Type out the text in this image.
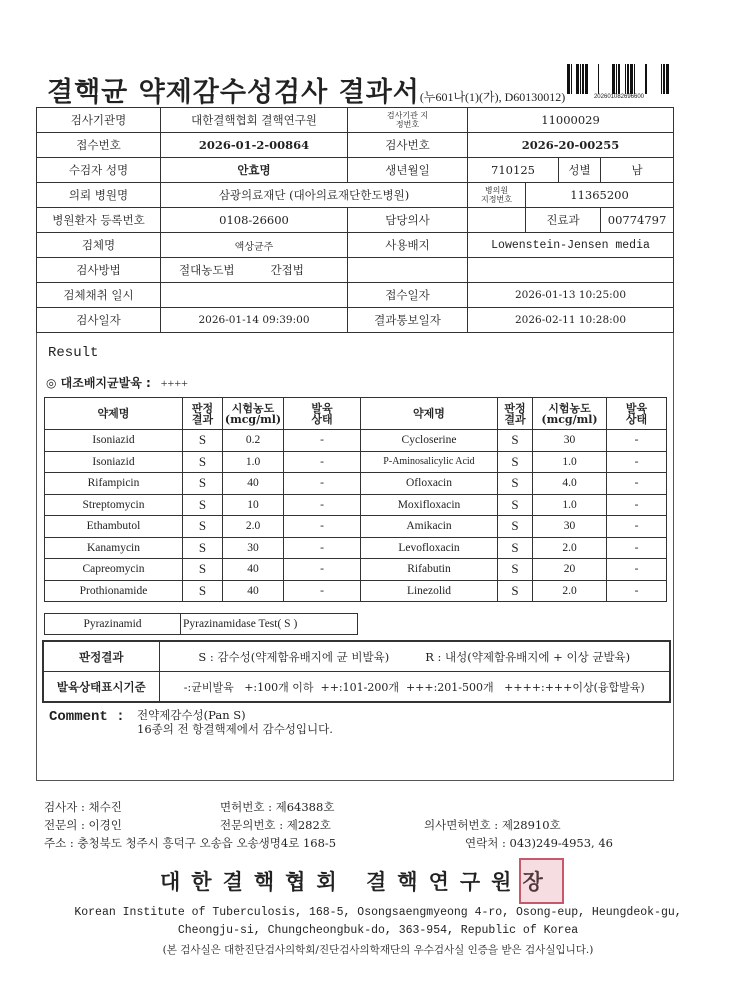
결핵균 약제감수성검사 결과서(누601나(1)(가), D60130012)	202601082696600
검사기관명	대한결핵협회 결핵연구원	검사기관 지정번호	11000029			
접수번호	2026-01-2-00864	검사번호	2026-20-00255			
수검자 성명	안효명	생년월일	710125		성별	남
의뢰 병원명	삼광의료재단 (대아의료재단한도병원)		병의원 지정번호	11365200		
병원환자 등록번호	0108-26600	담당의사		진료과		00774797
검체명	액상균주	사용배지	Lowenstein-Jensen media			
검사방법	절대농도법 간접법					
검체채취 일시		접수일자	2026-01-13 10:25:00			
검사일자	2026-01-14 09:39:00	결과통보일자	2026-02-11 10:28:00			
Result
◎ 대조배지균발육 : ++++
약제명	판정 결과	시험농도 (mcg/ml)	발육 상태	약제명	판정 결과	시험농도 (mcg/ml)	발육 상태
Isoniazid	S	0.2	-	Cycloserine	S	30	-
Isoniazid	S	1.0	-	P-Aminosalicylic Acid	S	1.0	-
Rifampicin	S	40	-	Ofloxacin	S	4.0	-
Streptomycin	S	10	-	Moxifloxacin	S	1.0	-
Ethambutol	S	2.0	-	Amikacin	S	30	-
Kanamycin	S	30	-	Levofloxacin	S	2.0	-
Capreomycin	S	40	-	Rifabutin	S	20	-
Prothionamide	S	40	-	Linezolid	S	2.0	-
Pyrazinamid	Pyrazinamidase Test( S )
판정결과	S : 감수성(약제함유배지에 균 비발육) R : 내성(약제함유배지에 + 이상 균발육)
발육상태표시기준	-:균비발육   +:100개 이하  ++:101-200개  +++:201-500개   ++++:+++이상(융합발육)
Comment : 전약제감수성(Pan S)
16종의 전 항결핵제에서 감수성입니다.
검사자 : 채수진	면허번호 : 제64388호
전문의 : 이경인	전문의번호 : 제282호	의사면허번호 : 제28910호
주소 : 충청북도 청주시 흥덕구 오송읍 오송생명4로 168-5	연락처 : 043)249-4953, 46
대한결핵협회 결핵연구원장
Korean Institute of Tuberculosis, 168-5, Osongsaengmyeong 4-ro, Osong-eup, Heungdeok-gu,
Cheongju-si, Chungcheongbuk-do, 363-954, Republic of Korea
(본 검사실은 대한진단검사의학회/진단검사의학재단의 우수검사실 인증을 받은 검사실입니다.)
